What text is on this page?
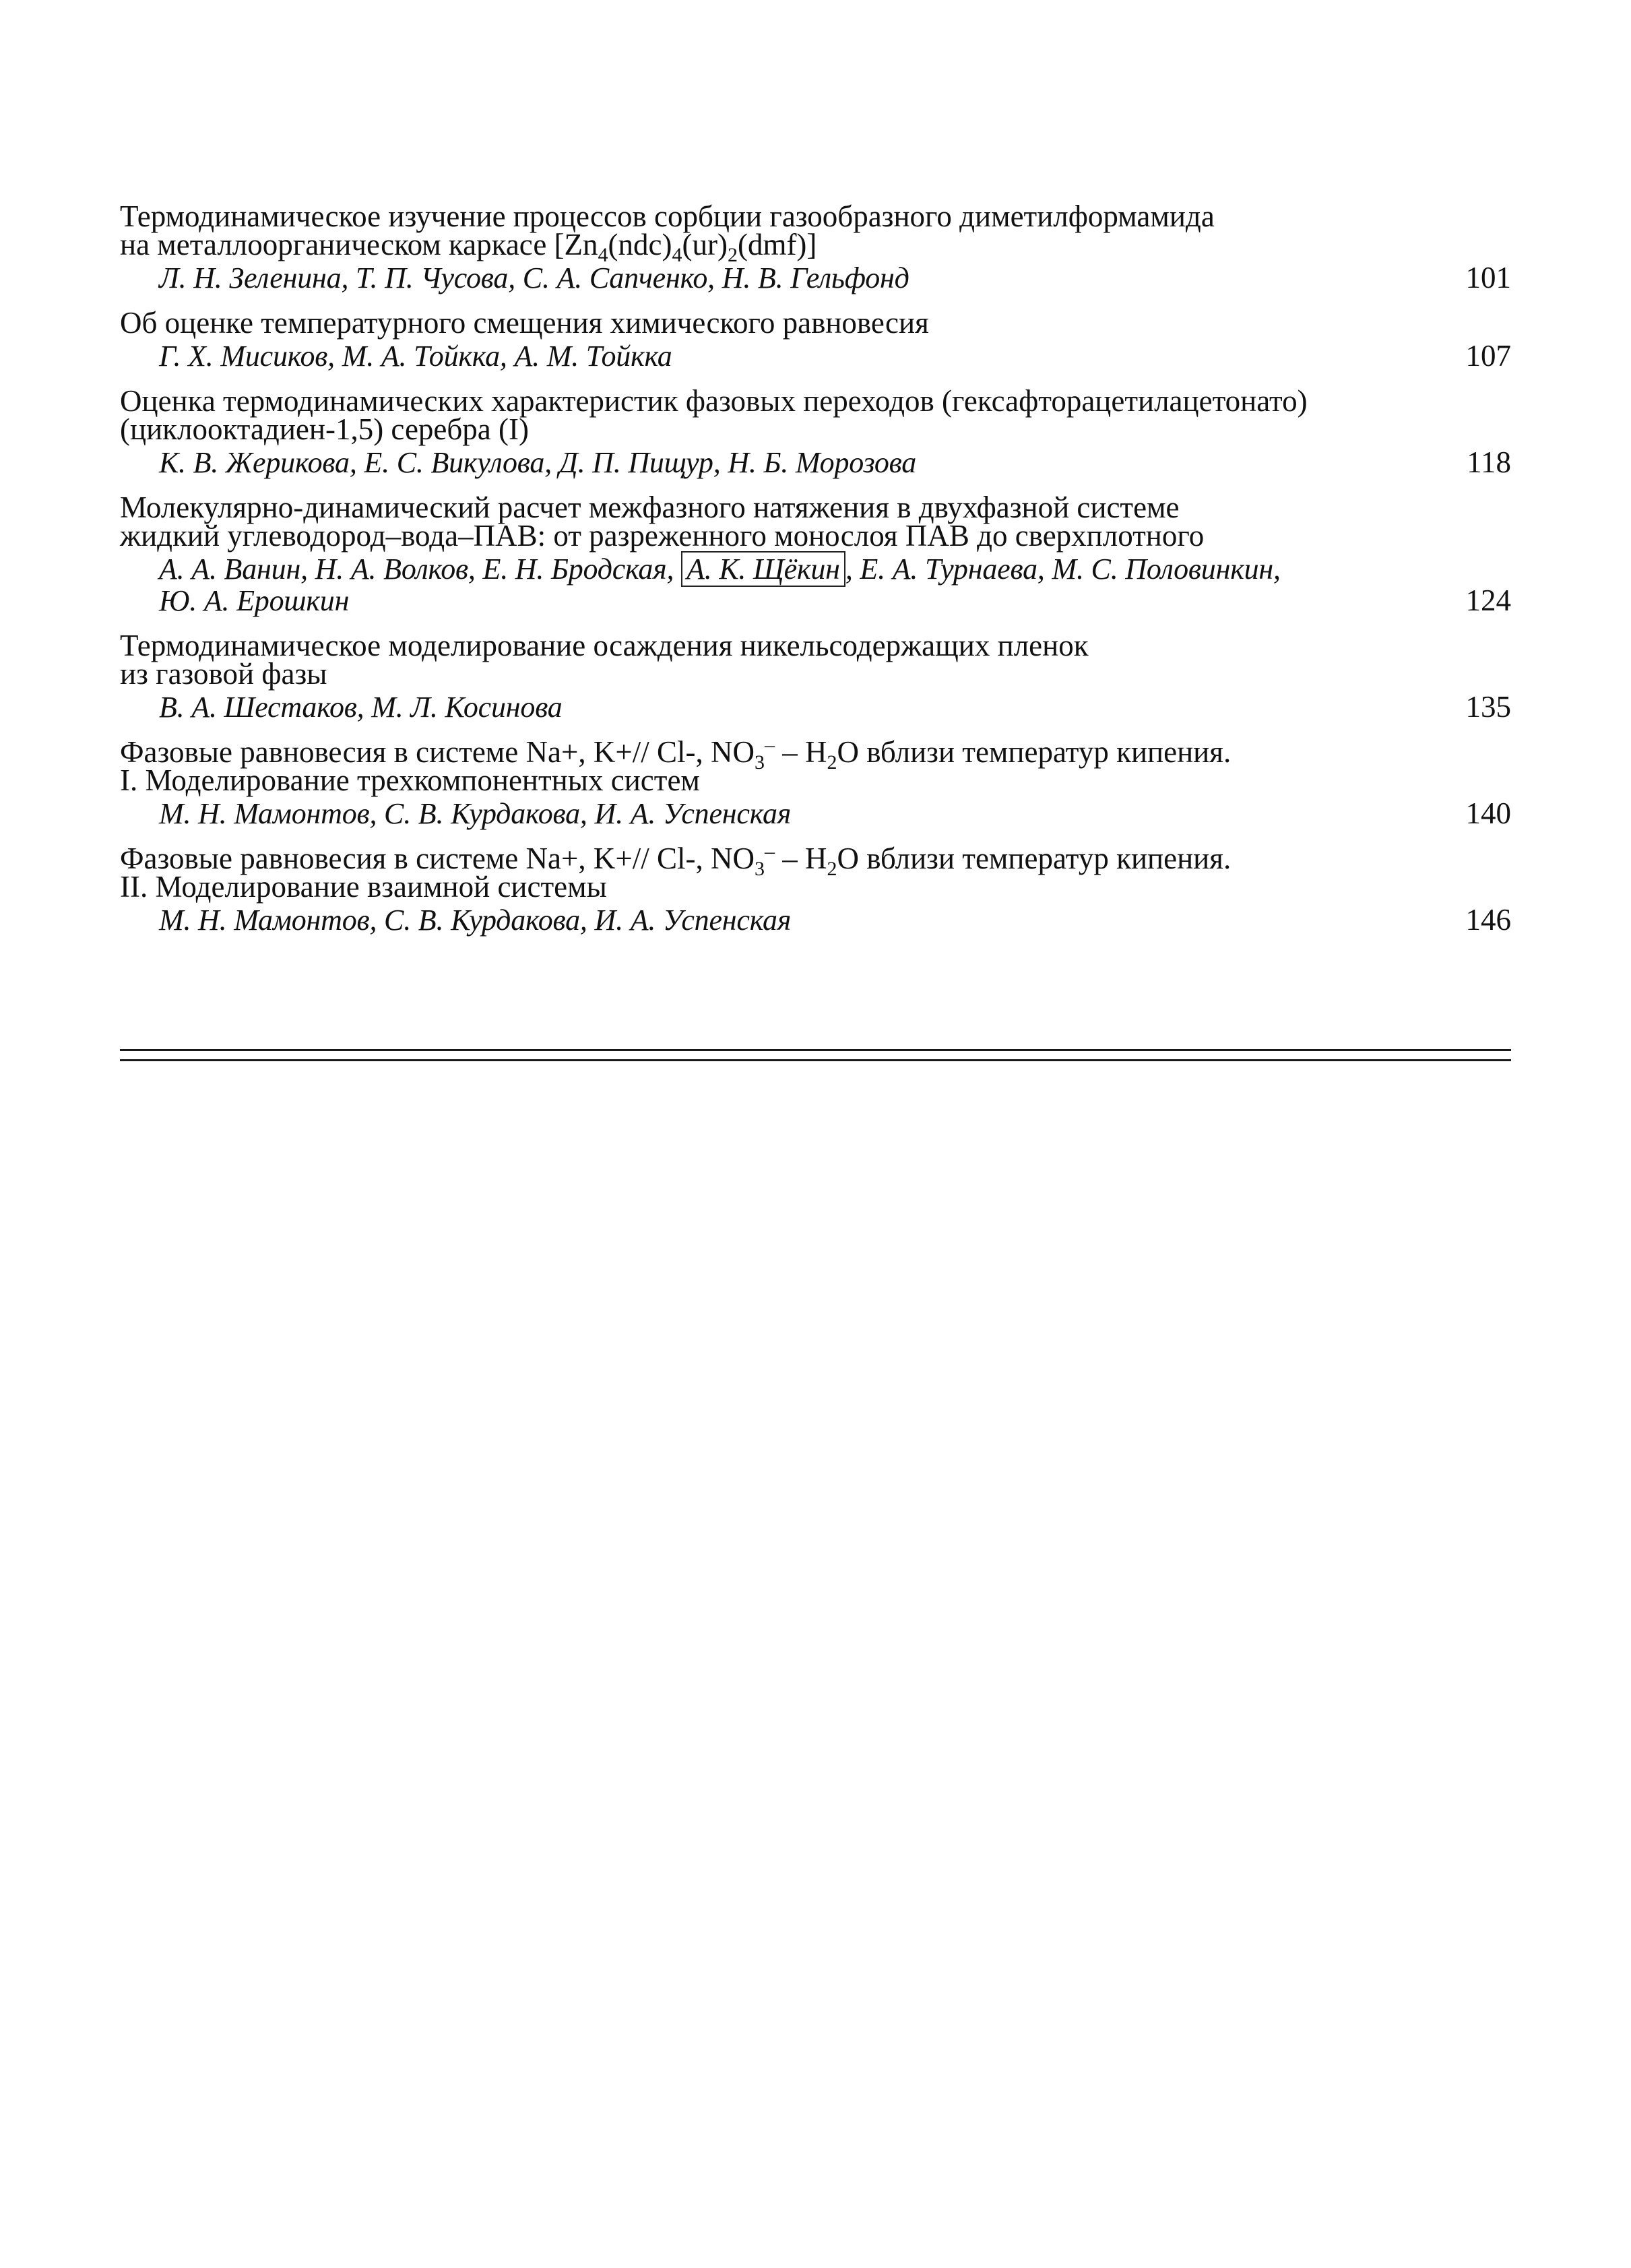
Термодинамическое изучение процессов сорбции газообразного диметилформамида
на металлоорганическом каркасе $[Zn_4(ndc)_4(ur)_2(dmf)]$
Л. Н. Зеленина, Т. П. Чусова, С. А. Сапченко, Н. В. Гельфонд	101
Об оценке температурного смещения химического равновесия
Г. Х. Мисиков, М. А. Тойкка, А. М. Тойкка	107
Оценка термодинамических характеристик фазовых переходов (гексафторацетилацетонато)
(циклооктадиен-1,5) серебра (I)
К. В. Жерикова, Е. С. Викулова, Д. П. Пищур, Н. Б. Морозова	118
Молекулярно-динамический расчет межфазного натяжения в двухфазной системе
жидкий углеводород–вода–ПАВ: от разреженного монослоя ПАВ до сверхплотного
А. А. Ванин, Н. А. Волков, Е. Н. Бродская, А. К. Щёкин , Е. А. Турнаева, М. С. Половинкин,
Ю. А. Ерошкин	124
Термодинамическое моделирование осаждения никельсодержащих пленок
из газовой фазы
В. А. Шестаков, М. Л. Косинова	135
Фазовые равновесия в системе Na+, K+// Cl-, $NO_3^- - H_2O$ вблизи температур кипения.
I. Моделирование трехкомпонентных систем
М. Н. Мамонтов, С. В. Курдакова, И. А. Успенская	140
Фазовые равновесия в системе Na+, K+// Cl-, $NO_3^- - H_2O$ вблизи температур кипения.
II. Моделирование взаимной системы
М. Н. Мамонтов, С. В. Курдакова, И. А. Успенская	146
